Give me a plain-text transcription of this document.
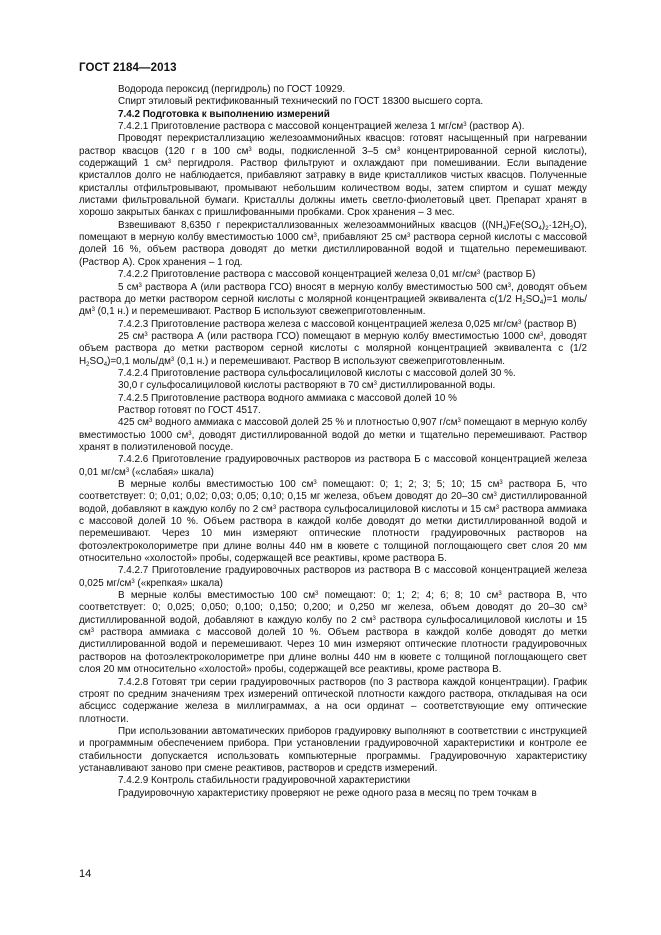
ГОСТ 2184—2013

Водорода пероксид (пергидроль) по ГОСТ 10929.

Спирт этиловый ректификованный технический по ГОСТ 18300 высшего сорта.

7.4.2 Подготовка к выполнению измерений

7.4.2.1 Приготовление раствора с массовой концентрацией железа 1 $мг/см^3$ (раствор А).

Проводят перекристаллизацию железоаммонийных квасцов: готовят насыщенный при нагревании раствор квасцов (120 г в 100 $см^3$ воды, подкисленной 3–5 $см^3$ концентрированной серной кислоты), содержащий 1 $см^3$ пергидроля. Раствор фильтруют и охлаждают при помешивании. Если выпадение кристаллов долго не наблюдается, прибавляют затравку в виде кристалликов чистых квасцов. Полученные кристаллы отфильтровывают, промывают небольшим количеством воды, затем спиртом и сушат между листами фильтровальной бумаги. Кристаллы должны иметь светло-фиолетовый цвет. Препарат хранят в хорошо закрытых банках с пришлифованными пробками. Срок хранения – 3 мес.

Взвешивают 8,6350 г перекристаллизованных железоаммонийных квасцов $((NH_4)Fe(SO_4)_2\cdot 12H_2O)$, помещают в мерную колбу вместимостью 1000 $см^3$, прибавляют 25 $см^3$ раствора серной кислоты с массовой долей 16 %, объем раствора доводят до метки дистиллированной водой и тщательно перемешивают. (Раствор А). Срок хранения – 1 год.

7.4.2.2 Приготовление раствора с массовой концентрацией железа 0,01 $мг/см^3$ (раствор Б)

5 $см^3$ раствора А (или раствора ГСО) вносят в мерную колбу вместимостью 500 $см^3$, доводят объем раствора до метки раствором серной кислоты с молярной концентрацией эквивалента c(1/2 $H_2SO_4)=1$ моль/$дм^3$ (0,1 н.) и перемешивают. Раствор Б используют свежеприготовленным.

7.4.2.3 Приготовление раствора железа с массовой концентрацией железа 0,025 $мг/см^3$ (раствор В)

25 $см^3$ раствора А (или раствора ГСО) помещают в мерную колбу вместимостью 1000 $см^3$, доводят объем раствора до метки раствором серной кислоты с молярной концентрацией эквивалента c (1/2 $H_2SO_4)=0,1$ моль/$дм^3$ (0,1 н.) и перемешивают. Раствор В используют свежеприготовленным.

7.4.2.4 Приготовление раствора сульфосалициловой кислоты с массовой долей 30 %.

30,0 г сульфосалициловой кислоты растворяют в 70 $см^3$ дистиллированной воды.

7.4.2.5 Приготовление раствора водного аммиака с массовой долей 10 %

Раствор готовят по ГОСТ 4517.

425 $см^3$ водного аммиака с массовой долей 25 % и плотностью 0,907 $г/см^3$ помещают в мерную колбу вместимостью 1000 $см^3$, доводят дистиллированной водой до метки и тщательно перемешивают. Раствор хранят в полиэтиленовой посуде.

7.4.2.6 Приготовление градуировочных растворов из раствора Б с массовой концентрацией железа 0,01 $мг/см^3$ («слабая» шкала)

В мерные колбы вместимостью 100 $см^3$ помещают: 0; 1; 2; 3; 5; 10; 15 $см^3$ раствора Б, что соответствует: 0; 0,01; 0,02; 0,03; 0,05; 0,10; 0,15 мг железа, объем доводят до 20–30 $см^3$ дистиллированной водой, добавляют в каждую колбу по 2 $см^3$ раствора сульфосалициловой кислоты и 15 $см^3$ раствора аммиака с массовой долей 10 %. Объем раствора в каждой колбе доводят до метки дистиллированной водой и перемешивают. Через 10 мин измеряют оптические плотности градуировочных растворов на фотоэлектроколориметре при длине волны 440 нм в кювете с толщиной поглощающего свет слоя 20 мм относительно «холостой» пробы, содержащей все реактивы, кроме раствора Б.

7.4.2.7 Приготовление градуировочных растворов из раствора В с массовой концентрацией железа 0,025 $мг/см^3$ («крепкая» шкала)

В мерные колбы вместимостью 100 $см^3$ помещают: 0; 1; 2; 4; 6; 8; 10 $см^3$ раствора В, что соответствует: 0; 0,025; 0,050; 0,100; 0,150; 0,200; и 0,250 мг железа, объем доводят до 20–30 $см^3$ дистиллированной водой, добавляют в каждую колбу по 2 $см^3$ раствора сульфосалициловой кислоты и 15 $см^3$ раствора аммиака с массовой долей 10 %. Объем раствора в каждой колбе доводят до метки дистиллированной водой и перемешивают. Через 10 мин измеряют оптические плотности градуировочных растворов на фотоэлектроколориметре при длине волны 440 нм в кювете с толщиной поглощающего свет слоя 20 мм относительно «холостой» пробы, содержащей все реактивы, кроме раствора В.

7.4.2.8 Готовят три серии градуировочных растворов (по 3 раствора каждой концентрации). График строят по средним значениям трех измерений оптической плотности каждого раствора, откладывая на оси абсцисс содержание железа в миллиграммах, а на оси ординат – соответствующие ему оптические плотности.

При использовании автоматических приборов градуировку выполняют в соответствии с инструкцией и программным обеспечением прибора. При установлении градуировочной характеристики и контроле ее стабильности допускается использовать компьютерные программы. Градуировочную характеристику устанавливают заново при смене реактивов, растворов и средств измерений.

7.4.2.9 Контроль стабильности градуировочной характеристики

Градуировочную характеристику проверяют не реже одного раза в месяц по трем точкам в

14
